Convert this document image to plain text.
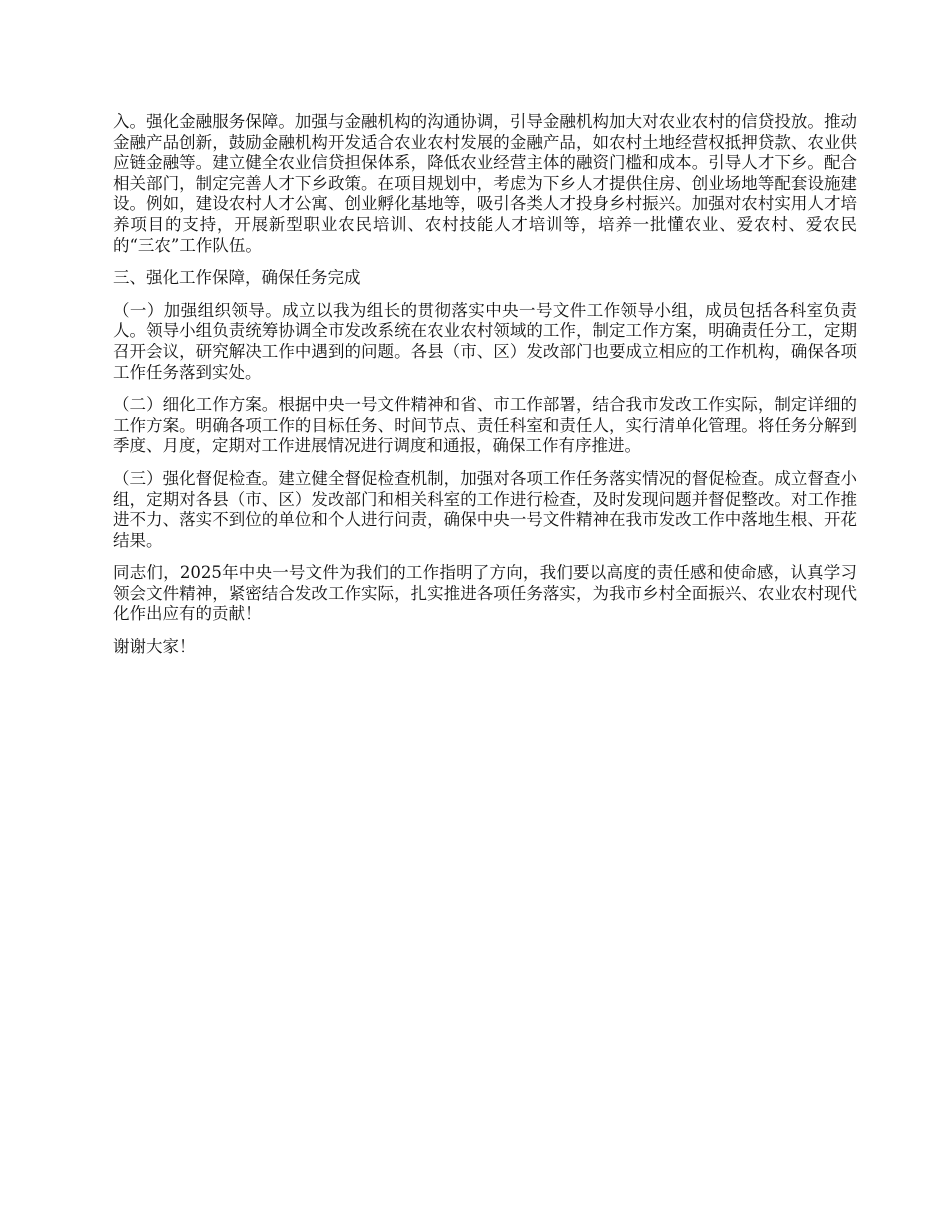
入。强化金融服务保障。加强与金融机构的沟通协调，引导金融机构加大对农业农村的信贷投放。推动金融产品创新，鼓励金融机构开发适合农业农村发展的金融产品，如农村土地经营权抵押贷款、农业供应链金融等。建立健全农业信贷担保体系，降低农业经营主体的融资门槛和成本。引导人才下乡。配合相关部门，制定完善人才下乡政策。在项目规划中，考虑为下乡人才提供住房、创业场地等配套设施建设。例如，建设农村人才公寓、创业孵化基地等，吸引各类人才投身乡村振兴。加强对农村实用人才培养项目的支持，开展新型职业农民培训、农村技能人才培训等，培养一批懂农业、爱农村、爱农民的“三农”工作队伍。

三、强化工作保障，确保任务完成

（一）加强组织领导。成立以我为组长的贯彻落实中央一号文件工作领导小组，成员包括各科室负责人。领导小组负责统筹协调全市发改系统在农业农村领域的工作，制定工作方案，明确责任分工，定期召开会议，研究解决工作中遇到的问题。各县（市、区）发改部门也要成立相应的工作机构，确保各项工作任务落到实处。

（二）细化工作方案。根据中央一号文件精神和省、市工作部署，结合我市发改工作实际，制定详细的工作方案。明确各项工作的目标任务、时间节点、责任科室和责任人，实行清单化管理。将任务分解到季度、月度，定期对工作进展情况进行调度和通报，确保工作有序推进。

（三）强化督促检查。建立健全督促检查机制，加强对各项工作任务落实情况的督促检查。成立督查小组，定期对各县（市、区）发改部门和相关科室的工作进行检查，及时发现问题并督促整改。对工作推进不力、落实不到位的单位和个人进行问责，确保中央一号文件精神在我市发改工作中落地生根、开花结果。

同志们，2025年中央一号文件为我们的工作指明了方向，我们要以高度的责任感和使命感，认真学习领会文件精神，紧密结合发改工作实际，扎实推进各项任务落实，为我市乡村全面振兴、农业农村现代化作出应有的贡献！

谢谢大家！
